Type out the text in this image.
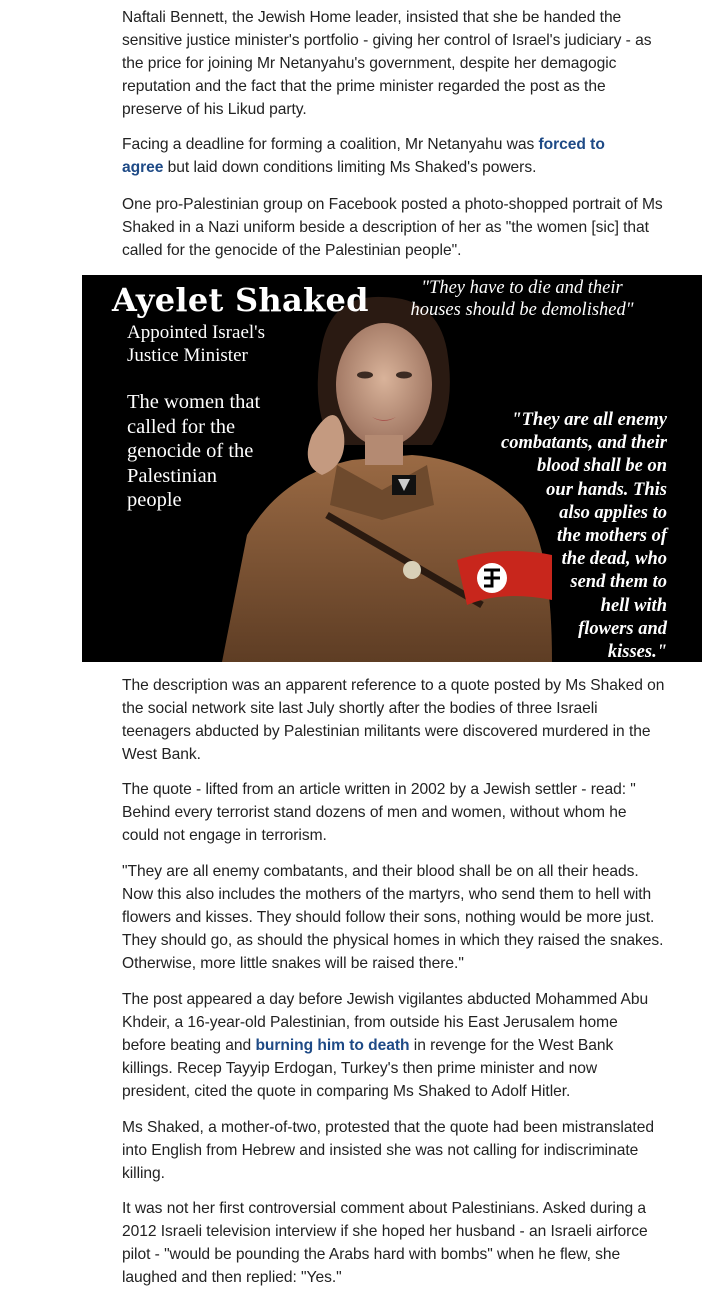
Naftali Bennett, the Jewish Home leader, insisted that she be handed the sensitive justice minister's portfolio - giving her control of Israel's judiciary - as the price for joining Mr Netanyahu's government, despite her demagogic reputation and the fact that the prime minister regarded the post as the preserve of his Likud party.

Facing a deadline for forming a coalition, Mr Netanyahu was forced to agree but laid down conditions limiting Ms Shaked's powers.

One pro-Palestinian group on Facebook posted a photo-shopped portrait of Ms Shaked in a Nazi uniform beside a description of her as "the women [sic] that called for the genocide of the Palestinian people".

Ayelet Shaked
Appointed Israel's
Justice Minister
The women that
called for the
genocide of the
Palestinian
people
"They have to die and their
houses should be demolished"
"They are all enemy
combatants, and their
blood shall be on
our hands. This
also applies to
the mothers of
the dead, who
send them to
hell with
flowers and
kisses."

The description was an apparent reference to a quote posted by Ms Shaked on the social network site last July shortly after the bodies of three Israeli teenagers abducted by Palestinian militants were discovered murdered in the West Bank.

The quote - lifted from an article written in 2002 by a Jewish settler - read: " Behind every terrorist stand dozens of men and women, without whom he could not engage in terrorism.

"They are all enemy combatants, and their blood shall be on all their heads. Now this also includes the mothers of the martyrs, who send them to hell with flowers and kisses. They should follow their sons, nothing would be more just. They should go, as should the physical homes in which they raised the snakes. Otherwise, more little snakes will be raised there."

The post appeared a day before Jewish vigilantes abducted Mohammed Abu Khdeir, a 16-year-old Palestinian, from outside his East Jerusalem home before beating and burning him to death in revenge for the West Bank killings. Recep Tayyip Erdogan, Turkey's then prime minister and now president, cited the quote in comparing Ms Shaked to Adolf Hitler.

Ms Shaked, a mother-of-two, protested that the quote had been mistranslated into English from Hebrew and insisted she was not calling for indiscriminate killing.

It was not her first controversial comment about Palestinians. Asked during a 2012 Israeli television interview if she hoped her husband - an Israeli airforce pilot - "would be pounding the Arabs hard with bombs" when he flew, she laughed and then replied: "Yes."
